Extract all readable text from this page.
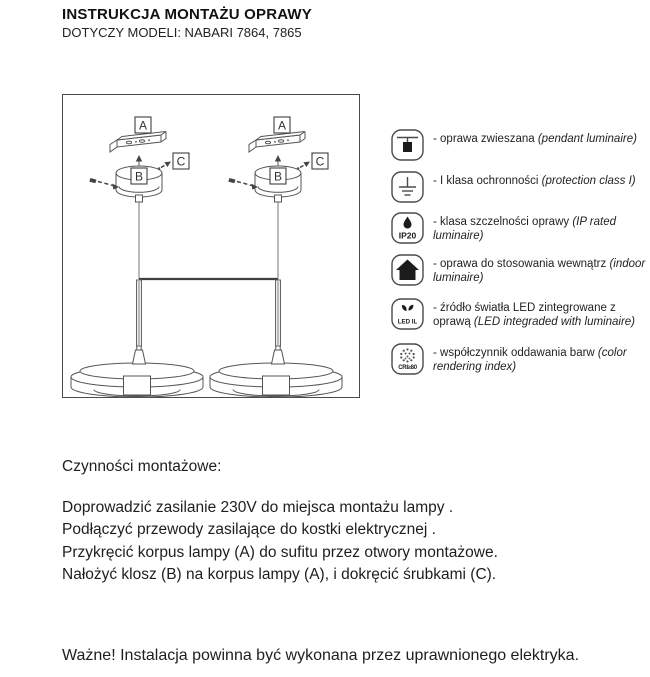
INSTRUKCJA MONTAŻU OPRAWY
DOTYCZY MODELI: NABARI 7864, 7865
A
B
C
A
B
C
- oprawa zwieszana (pendant luminaire)
- I klasa ochronności (protection class I)
IP20
- klasa szczelności oprawy (IP rated luminaire)
- oprawa do stosowania wewnątrz (indoor luminaire)
LED IL
- źródło światła LED zintegrowane z oprawą (LED integraded with luminaire)
CRI≥80
- współczynnik oddawania barw (color rendering index)
Czynności montażowe:
Doprowadzić zasilanie 230V do miejsca montażu lampy .
Podłączyć przewody zasilające do kostki elektrycznej .
Przykręcić korpus lampy (A) do sufitu przez otwory montażowe.
Nałożyć klosz (B) na korpus lampy (A), i dokręcić śrubkami (C).
Ważne! Instalacja powinna być wykonana przez uprawnionego elektryka.
